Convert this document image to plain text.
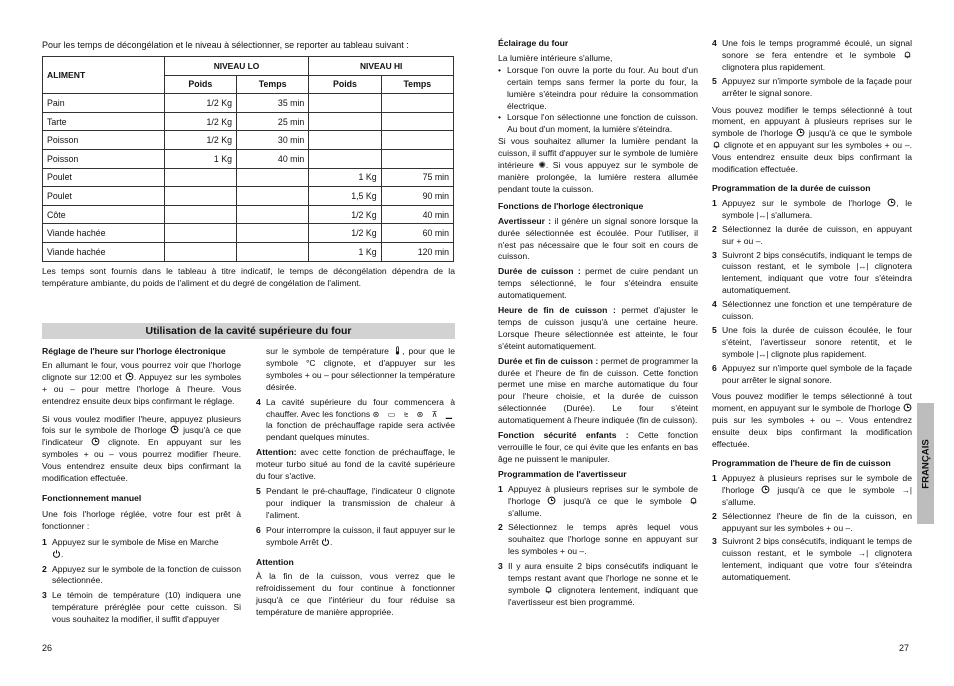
Pour les temps de décongélation et le niveau à sélectionner, se reporter au tableau suivant :
ALIMENT	NIVEAU LO		NIVEAU HI	
	Poids	Temps	Poids	Temps
Pain	1/2 Kg	35 min		
Tarte	1/2 Kg	25 min		
Poisson	1/2 Kg	30 min		
Poisson	1 Kg	40 min		
Poulet			1 Kg	75 min
Poulet			1,5 Kg	90 min
Côte			1/2 Kg	40 min
Viande hachée			1/2 Kg	60 min
Viande hachée			1 Kg	120 min
Les temps sont fournis dans le tableau à titre indicatif, le temps de décongélation dépendra de la température ambiante, du poids de l'aliment et du degré de congélation de l'aliment.
Utilisation de la cavité supérieure du four

Réglage de l'heure sur l'horloge électronique

En allumant le four, vous pourrez voir que l'horloge clignote sur 12:00 et . Appuyez sur les symboles + ou – pour mettre l'horloge à l'heure. Vous entendrez ensuite deux bips confirmant le réglage.

Si vous voulez modifier l'heure, appuyez plusieurs fois sur le symbole de l'horloge jusqu'à ce que l'indicateur	clignote. En appuyant sur les symboles + ou – vous pourrez modifier l'heure. Vous entendrez ensuite deux bips confirmant la modification effectuée.

Fonctionnement manuel

Une fois l'horloge réglée, votre four est prêt à fonctionner :

1 Appuyez sur le symbole de Mise en Marche

.
2 Appuyez sur le symbole de la fonction de cuisson sélectionnée.
3 Le témoin de température (10) indiquera une température préréglée pour cette cuisson. Si vous souhaitez la modifier, il suffit d'appuyer

sur le symbole de température , pour que le symbole °C clignote, et d'appuyer sur les symboles + ou – pour sélectionner la température désirée.

4 La cavité supérieure du four commencera à chauffer. Avec les fonctions ⊛ ▭ ⩬ ⊛ ⊼ ▁ la fonction de préchauffage rapide sera activée pendant quelques minutes.

Attention: avec cette fonction de préchauffage, le moteur turbo situé au fond de la cavité supérieure du four s'active.

5 Pendant le pré-chauffage, l'indicateur 0 clignote pour indiquer la transmission de chaleur à l'aliment.
6 Pour interrompre la cuisson, il faut appuyer sur le symbole Arrêt .

Attention

À la fin de la cuisson, vous verrez que le refroidissement du four continue à fonctionner jusqu'à ce que l'intérieur du four réduise sa température de manière appropriée.

26

Éclairage du four

La lumière intérieure s'allume,

• Lorsque l'on ouvre la porte du four. Au bout d'un certain temps sans fermer la porte du four, la lumière s'éteindra pour réduire la consommation électrique.
• Lorsque l'on sélectionne une fonction de cuisson. Au bout d'un moment, la lumière s'éteindra.

Si vous souhaitez allumer la lumière pendant la cuisson, il suffit d'appuyer sur le symbole de lumière intérieure ✺. Si vous appuyez sur le symbole de manière prolongée, la lumière restera allumée pendant toute la cuisson.

Fonctions de l'horloge électronique

Avertisseur : il génère un signal sonore lorsque la durée sélectionnée est écoulée. Pour l'utiliser, il n'est pas nécessaire que le four soit en cours de cuisson.

Durée de cuisson : permet de cuire pendant un temps sélectionné, le four s'éteindra ensuite automatiquement.

Heure de fin de cuisson : permet d'ajuster le temps de cuisson jusqu'à une certaine heure. Lorsque l'heure sélectionnée est atteinte, le four s'éteint automatiquement.

Durée et fin de cuisson : permet de programmer la durée et l'heure de fin de cuisson. Cette fonction permet une mise en marche automatique du four pour l'heure choisie, et la durée de cuisson sélectionnée (Durée). Le four s'éteint automatiquement à l'heure indiquée (fin de cuisson).

Fonction sécurité enfants : Cette fonction verrouille le four, ce qui évite que les enfants en bas âge ne puissent le manipuler.

Programmation de l'avertisseur

1 Appuyez à plusieurs reprises sur le symbole de l'horloge	jusqu'à ce que le symbole
s'allume.
2 Sélectionnez le temps après lequel vous souhaitez que l'horloge sonne en appuyant sur les symboles + ou –.
3 Il y aura ensuite 2 bips consécutifs indiquant le temps restant avant que l'horloge ne sonne et le symbole clignotera lentement, indiquant que l'avertisseur est bien programmé.
4 Une fois le temps programmé écoulé, un signal sonore se fera entendre et le symbole
clignotera plus rapidement.
5 Appuyez sur n'importe symbole de la façade pour arrêter le signal sonore.

Vous pouvez modifier le temps sélectionné à tout moment, en appuyant à plusieurs reprises sur le symbole de l'horloge jusqu'à ce que le symbole
clignote et en appuyant sur les symboles + ou –. Vous entendrez ensuite deux bips confirmant la modification effectuée.

Programmation de la durée de cuisson

1 Appuyez sur le symbole de l'horloge , le symbole |↔| s'allumera.
2 Sélectionnez la durée de cuisson, en appuyant sur + ou –.
3 Suivront 2 bips consécutifs, indiquant le temps de cuisson restant, et le symbole |↔| clignotera lentement, indiquant que votre four s'éteindra automatiquement.
4 Sélectionnez une fonction et une température de cuisson.
5 Une fois la durée de cuisson écoulée, le four s'éteint, l'avertisseur sonore retentit, et le symbole |↔| clignote plus rapidement.
6 Appuyez sur n'importe quel symbole de la façade pour arrêter le signal sonore.

Vous pouvez modifier le temps sélectionné à tout moment, en appuyant sur le symbole de l'horloge
puis sur les symboles + ou –. Vous entendrez ensuite deux bips confirmant la modification effectuée.

Programmation de l'heure de fin de cuisson

1 Appuyez à plusieurs reprises sur le symbole de l'horloge	jusqu'à ce que le symbole →| s'allume.
2 Sélectionnez l'heure de fin de la cuisson, en appuyant sur les symboles + ou –.
3 Suivront 2 bips consécutifs, indiquant le temps de cuisson restant, et le symbole →| clignotera lentement, indiquant que votre four s'éteindra automatiquement.
FRANÇAIS
27
